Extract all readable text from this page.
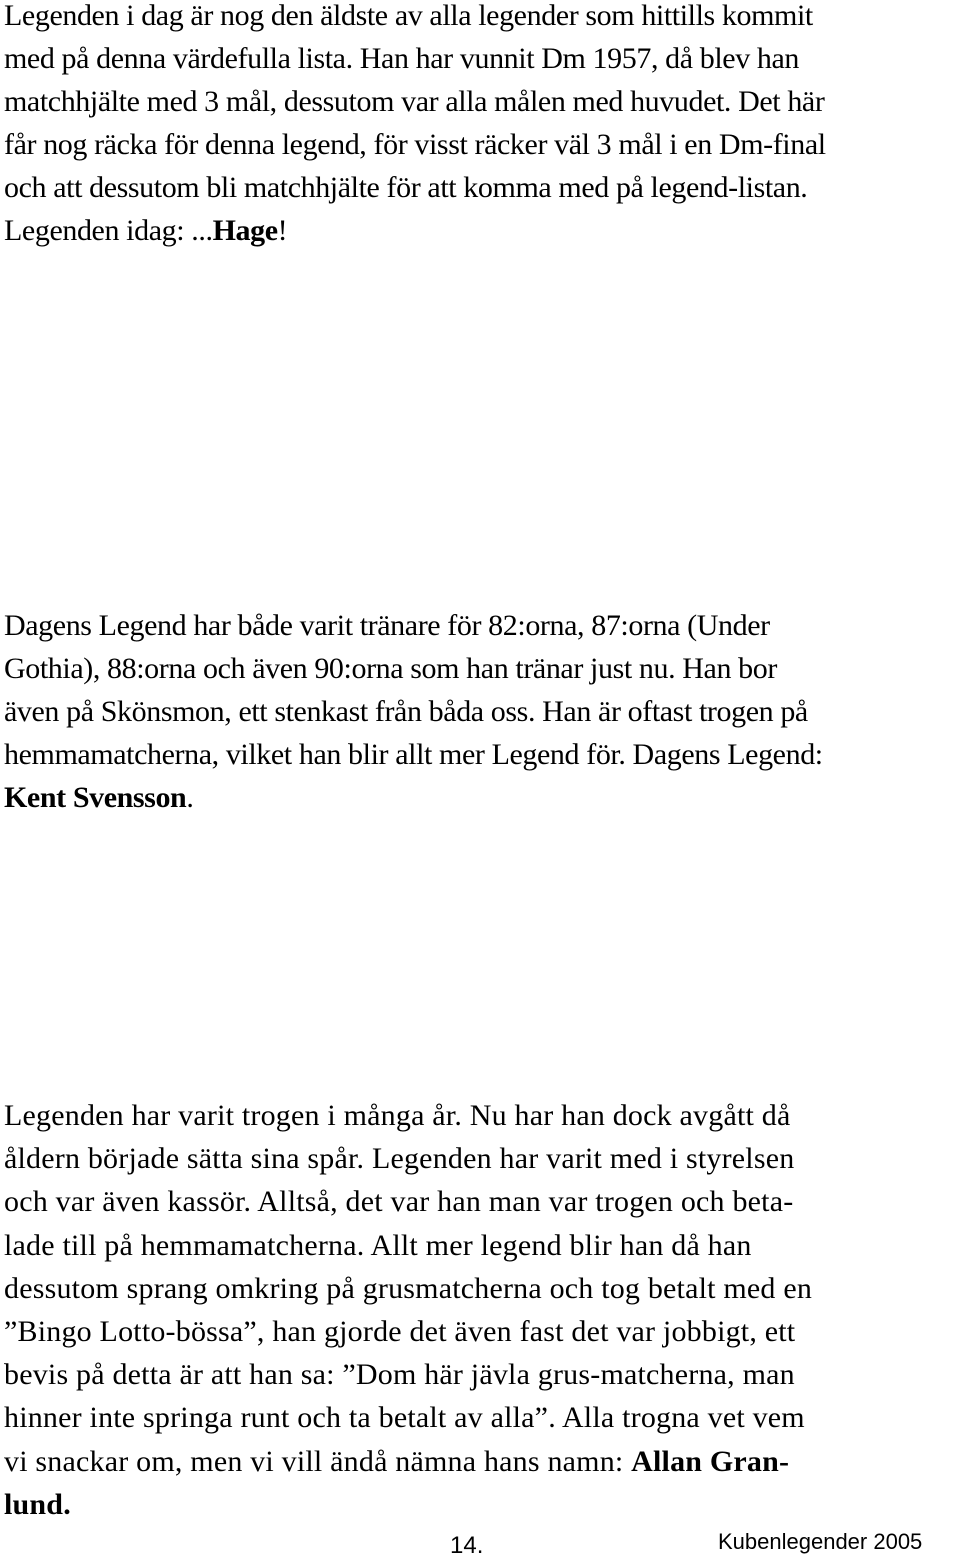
Legenden i dag är nog den äldste av alla legender som hittills kommit
med på denna värdefulla lista. Han har vunnit Dm 1957, då blev han
matchhjälte med 3 mål, dessutom var alla målen med huvudet. Det här
får nog räcka för denna legend, för visst räcker väl 3 mål i en Dm-final
och att dessutom bli matchhjälte för att komma med på legend-listan.
Legenden idag: ...Hage!
Dagens Legend har både varit tränare för 82:orna, 87:orna (Under
Gothia), 88:orna och även 90:orna som han tränar just nu. Han bor
även på Skönsmon, ett stenkast från båda oss. Han är oftast trogen på
hemmamatcherna, vilket han blir allt mer Legend för. Dagens Legend:
Kent Svensson.
Legenden har varit trogen i många år. Nu har han dock avgått då
åldern började sätta sina spår. Legenden har varit med i styrelsen
och var även kassör. Alltså, det var han man var trogen och beta-
lade till på hemmamatcherna. Allt mer legend blir han då han
dessutom sprang omkring på grusmatcherna och tog betalt med en
”Bingo Lotto-bössa”, han gjorde det även fast det var jobbigt, ett
bevis på detta är att han sa: ”Dom här jävla grus-matcherna, man
hinner inte springa runt och ta betalt av alla”. Alla trogna vet vem
vi snackar om, men vi vill ändå nämna hans namn: Allan Gran-
lund.
14.	Kubenlegender 2005
